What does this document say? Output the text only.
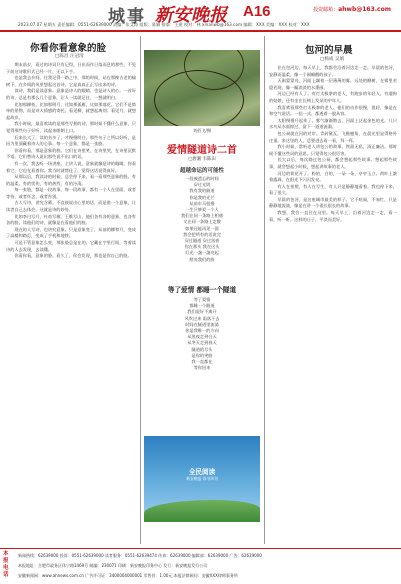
城事 新安晚报 A16	投资邮箱：ahwb@163.com
2023.07.07 星期五 责任编辑：0551-62639000 责编：张文涛 组版：陈颖 排版：王建 校对：林 xinanwb@163.com 编辑：XXX 美编：XXX 校对：XXX
你看你看意象的脸
□陈昌 汪冠清

期末前夕，看过的诗词只有记得，日出而作日落而息的那些，不见于前这诗歌形式已经一片，无以下手。

也是我去乡间，往我记得一路之中，那的时候，站在那棵古老的榆树下，在乡间的风里想起这首诗，它是真真正正写出来的诗。

读诗，我们是读意象。意象是诗人的眼睛，也是诗人的心。一首好的诗，总是有那么几个意象，让人一读就记住，一想就明白。

比如那柳枝，比如那明月，比如那孤雁，比如那落花。它们不是简单的景物，而是诗人情感的寄托。看见柳，就想起离别；看见月，就想起故乡。

我小时候，最喜欢读的是那些写景的诗。那时候不懂什么意象，只觉得那些句子好听，读起来朗朗上口。

后来长大了，读的书多了，才慢慢明白，那些句子之所以好听，是因为里面藏着诗人的心事。每一个意象，都是一张脸。

你看你看，那是意象的脸。它们在诗里笑，在诗里哭，在诗里沉默不语。它们替诗人说出那些说不出口的话。

有一次，我去听一场讲座。主讲人说，意象就像是诗的眼睛，你看着它，它也在看着你。我当时就愣住了，觉得这话说得真好。

从那以后，我读诗的时候，总会停下来，看一看那些意象的脸。有的温柔，有的忧伤，有的热烈，有的冷清。

每一张脸，都是一段故事。每一段故事，都有一个人在里面，或者等待，或者怀念，或者告别。

古人写诗，讲究含蓄。不直接说出心里的话，而是借一个意象，让读者自己去体会。这就是诗的妙处。

比如李白写月，杜甫写雁，王维写山，他们各有各的意象，也各有各的脸。读他们的诗，就像是在看他们的脸。

现在的人写诗，也讲究意象。只是意象变了，从前的柳和月，变成了高楼和路灯，变成了手机和地铁。

可是不管意象怎么变，那张脸总是在的。它藏在字里行间，等着读诗的人去发现，去读懂。

你看你看，意象的脸。看久了，你会发现，那也是你自己的脸。

刘佰飞/摄
爱情隧道诗二首
□唐湘 韦陈田
超越命运的可能性
一段被遗忘的时间
穿过光阴
我有我的隧道
你是我的光芒
从前车马很慢
一生只够爱一个人
我们在同一条路上相遇
又在同一条路上走散
如果还能再见一面
我会把所有的话说完
穿过隧道 穿过黑夜
你在那头 我在这头
灯光一盏一盏亮起
照亮我们的脸
等了爱情 都睡一个隧道
等了爱情
都睡一个隧道
我们说好不离开
风吹过来 雨落下去
时间在隧道里流淌
你是我唯一的方向
从黑夜走到白天
从冬天走到春天
隧道的尽头
是你的笑脸
我一直都在
等你回来
全民阅读
新安晚报·读书周刊
包河的早晨
□杨成 吴娟

住在包河边，每天早上，我都会沿着河边走一走。早晨的包河，安静而温柔，像一个刚睡醒的孩子。

天刚蒙蒙亮，河面上飘着一层薄薄的雾。远处的柳树，在雾里若隐若现，像一幅淡淡的水墨画。

河边已经有人了。有打太极拳的老人，有跑步的年轻人，有遛狗的姑娘，还有坐在长椅上发呆的中年人。

我喜欢看那些打太极拳的老人。他们的动作很慢，很轻，像是在和空气说话。一招一式，都透着一股从容。

太阳慢慢升起来了。雾气渐渐散去，河面上泛起金色的光。几只水鸟从水面掠过，留下一道道涟漪。

包公祠就在河的对岸。青砖黛瓦，飞檐翘角，在晨光里显得格外庄重。来这里的人，总要进去看一看，拜一拜。

我小时候，常听老人讲包公的故事。铁面无私，清正廉洁。那时候不懂这些词的意思，只觉得包公很厉害。

长大以后，每次路过包公祠，都会想起那些故事。想起那些故事，就会想起小时候，想起讲故事的老人。

河边的荷花开了。粉的，白的，一朵一朵，亭亭玉立。荷叶上滚着露珠，在阳光下闪闪发亮。

有人在拍照，有人在写生，有人只是静静地看着。我也停下来，看了很久。

早晨的包河，是这座城市最美的样子。它不喧闹，不匆忙，只是静静地流淌，像是在讲一个很长很长的故事。

我想，我会一直住在这里。每天早上，沿着河边走一走，看一看，听一听。这样的日子，平淡而美好。

本报电话
新闻热线：62639000 投诉：0551-62639000 读者服务：0551-62639474 传真：62639000 编辑部：62639000 广告：62639000
本报地址：合肥市政务区休宁路1469号 邮编：230071 印刷：新安晚报印务中心 发行：新安晚报发行公司
安徽新闻网：www.ahnews.com.cn 广告许可证：3400004000001 零售价：1.00元 本报法律顾问：安徽XXX律师事务所
